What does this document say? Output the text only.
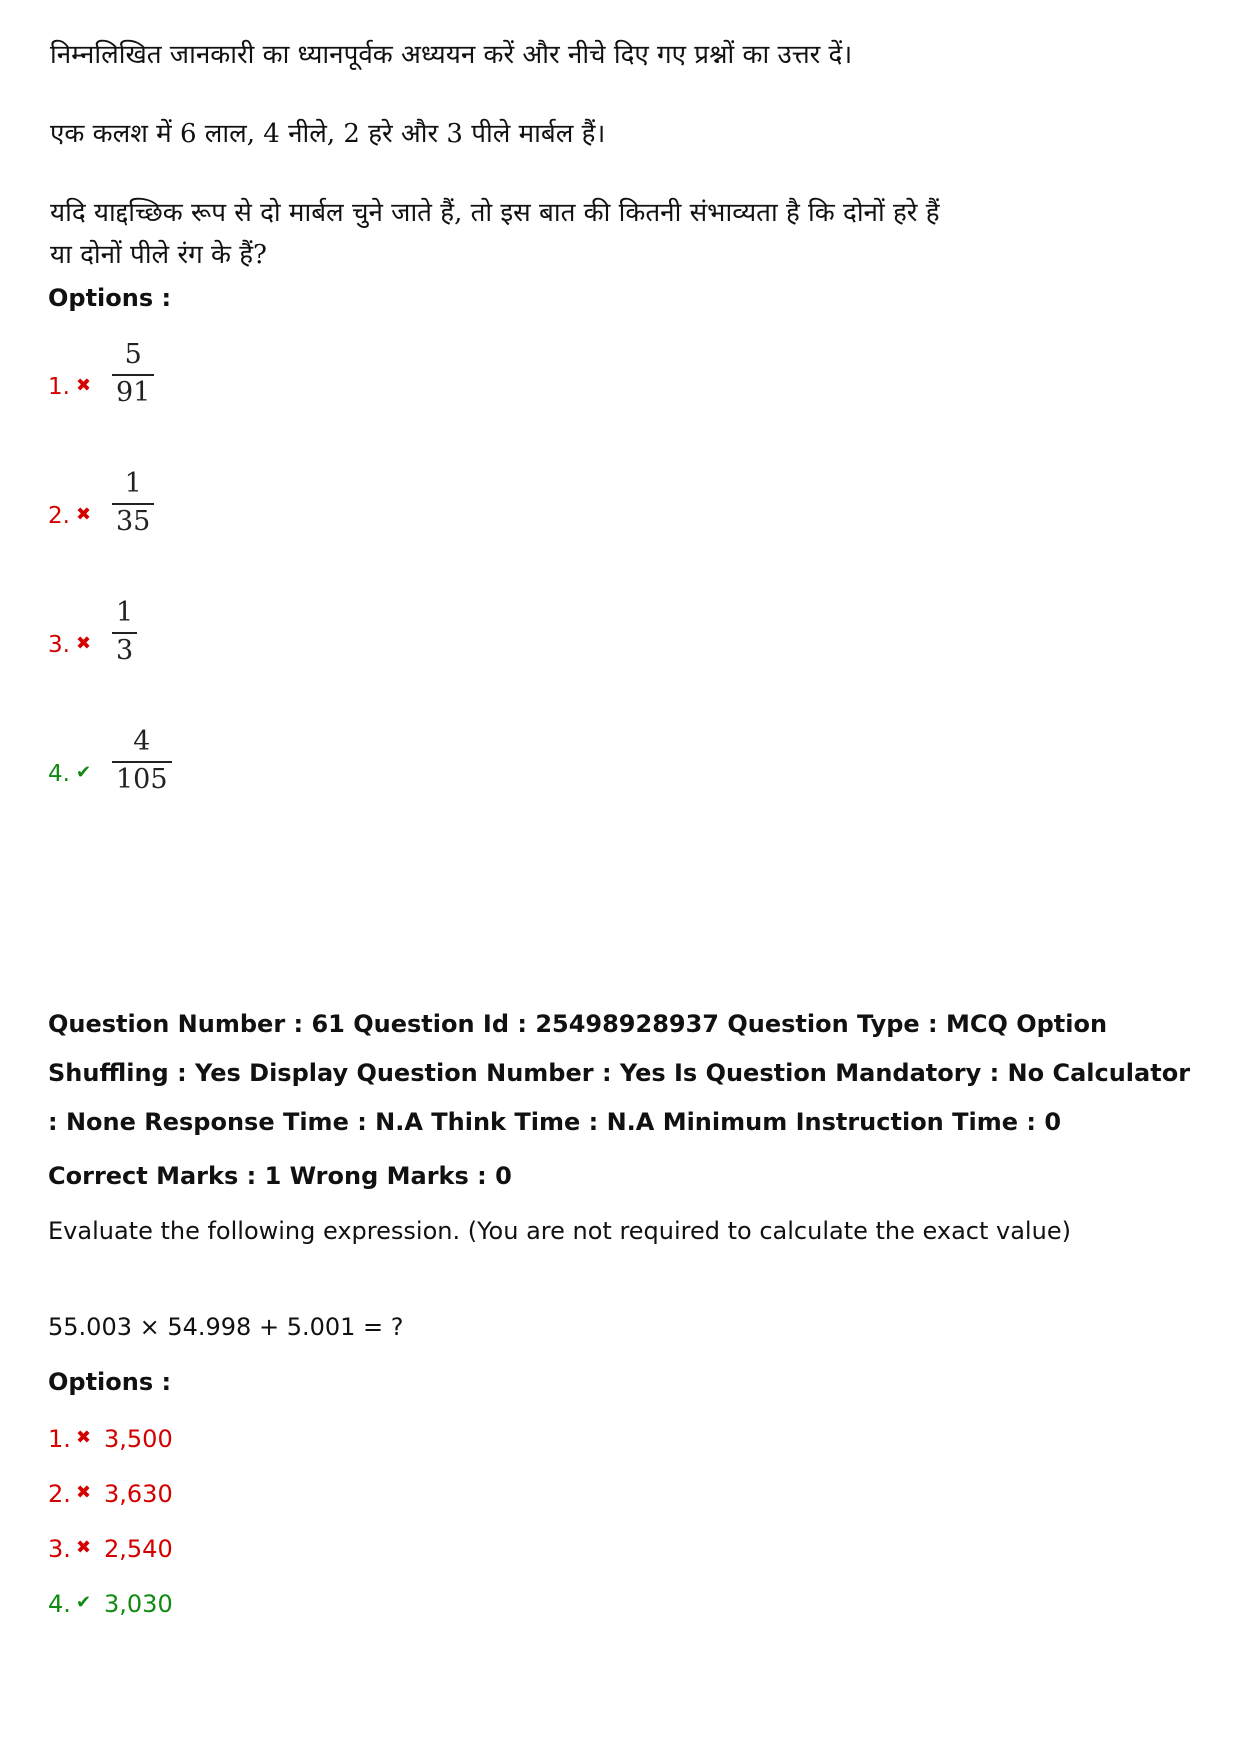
निम्नलिखित जानकारी का ध्यानपूर्वक अध्ययन करें और नीचे दिए गए प्रश्नों का उत्तर दें।
एक कलश में 6 लाल, 4 नीले, 2 हरे और 3 पीले मार्बल हैं।
यदि याद्दच्छिक रूप से दो मार्बल चुने जाते हैं, तो इस बात की कितनी संभाव्यता है कि दोनों हरे हैं या दोनों पीले रंग के हैं?
Options :
1. ✖
5
91
2. ✖
1
35
3. ✖
1
3
4. ✔
4
105
Question Number : 61 Question Id : 25498928937 Question Type : MCQ Option Shuffling : Yes Display Question Number : Yes Is Question Mandatory : No Calculator : None Response Time : N.A Think Time : N.A Minimum Instruction Time : 0
Correct Marks : 1 Wrong Marks : 0
Evaluate the following expression. (You are not required to calculate the exact value)
55.003 × 54.998 + 5.001 = ?
Options :
1. ✖ 3,500
2. ✖ 3,630
3. ✖ 2,540
4. ✔ 3,030
